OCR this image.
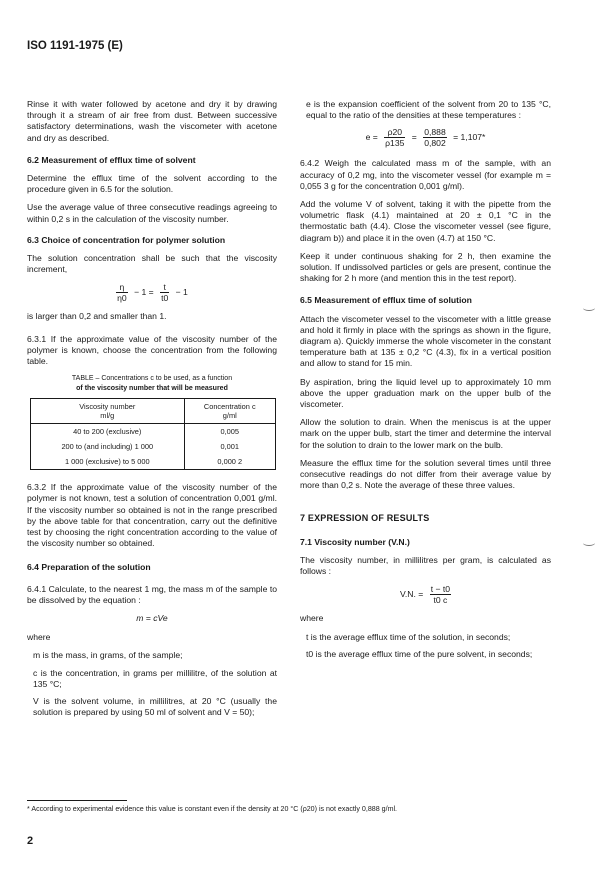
ISO 1191-1975 (E)

Rinse it with water followed by acetone and dry it by drawing through it a stream of air free from dust. Between successive satisfactory determinations, wash the viscometer with acetone and dry as described.

6.2 Measurement of efflux time of solvent

Determine the efflux time of the solvent according to the procedure given in 6.5 for the solution.

Use the average value of three consecutive readings agreeing to within 0,2 s in the calculation of the viscosity number.

6.3 Choice of concentration for polymer solution

The solution concentration shall be such that the viscosity increment,

$\frac{\eta}{\eta 0} - 1 = \frac{t}{t0} - 1$

is larger than 0,2 and smaller than 1.

6.3.1 If the approximate value of the viscosity number of the polymer is known, choose the concentration from the following table.

TABLE – Concentrations c to be used, as a function
of the viscosity number that will be measured
Viscosity number
ml/g	Concentration c
g/ml
40 to 200 (exclusive)	0,005
200 to (and including) 1 000	0,001
1 000 (exclusive) to 5 000	0,000 2

6.3.2 If the approximate value of the viscosity number of the polymer is not known, test a solution of concentration 0,001 g/ml. If the viscosity number so obtained is not in the range prescribed by the above table for that concentration, carry out the definitive test by choosing the right concentration according to the value of the viscosity number so obtained.

6.4 Preparation of the solution

6.4.1 Calculate, to the nearest 1 mg, the mass m of the sample to be dissolved by the equation :

m = cVe

where

m is the mass, in grams, of the sample;

c is the concentration, in grams per millilitre, of the solution at 135 °C;

V is the solvent volume, in millilitres, at 20 °C (usually the solution is prepared by using 50 ml of solvent and V = 50);

e is the expansion coefficient of the solvent from 20 to 135 °C, equal to the ratio of the densities at these temperatures :

$e = \frac{\rho 20}{\rho 135} = \frac{0,888}{0,802} = 1,107*$

6.4.2 Weigh the calculated mass m of the sample, with an accuracy of 0,2 mg, into the viscometer vessel (for example m = 0,055 3 g for the concentration 0,001 g/ml).

Add the volume V of solvent, taking it with the pipette from the volumetric flask (4.1) maintained at 20 ± 0,1 °C in the thermostatic bath (4.4). Close the viscometer vessel (see figure, diagram b)) and place it in the oven (4.7) at 150 °C.

Keep it under continuous shaking for 2 h, then examine the solution. If undissolved particles or gels are present, continue the shaking for 2 h more (and mention this in the test report).

6.5 Measurement of efflux time of solution

Attach the viscometer vessel to the viscometer with a little grease and hold it firmly in place with the springs as shown in the figure, diagram a). Quickly immerse the whole viscometer in the constant temperature bath at 135 ± 0,2 °C (4.3), fix in a vertical position and allow to stand for 15 min.

By aspiration, bring the liquid level up to approximately 10 mm above the upper graduation mark on the upper bulb of the viscometer.

Allow the solution to drain. When the meniscus is at the upper mark on the upper bulb, start the timer and determine the interval for the solution to drain to the lower mark on the bulb.

Measure the efflux time for the solution several times until three consecutive readings do not differ from their average value by more than 0,2 s. Note the average of these three values.

7 EXPRESSION OF RESULTS
7.1 Viscosity number (V.N.)

The viscosity number, in millilitres per gram, is calculated as follows :

V.N. = $\frac{t - t0}{t0 c}$

where

t is the average efflux time of the solution, in seconds;

t0 is the average efflux time of the pure solvent, in seconds;

* According to experimental evidence this value is constant even if the density at 20 °C (ρ20) is not exactly 0,888 g/ml.
2
